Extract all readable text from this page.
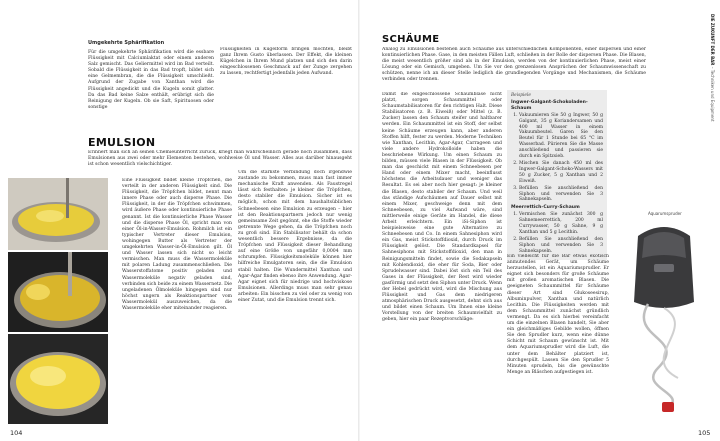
Umgekehrte Sphärifikation

Für die umgekehrte Sphärifikation wird die essbare Flüssigkeit mit Calciumlaktat oder einem anderen Salz gemischt. Das Geliermittel wird im Bad verteilt. Sobald die Flüssigkeit in das Bad tropft, bildet sich eine Gelmembran, die die Flüssigkeit umschließt. Aufgrund der Zugabe von Xanthan wird die Flüssigkeit angedickt und die Kugeln somit glatter. Da das Bad keine Salze enthält, erübrigt sich die Reinigung der Kugeln. Ob sie Saft, Spirituosen oder sonstige

Flüssigkeiten in Kugelform bringen möchten, bleibt ganz Ihrem Gusto überlassen. Der Effekt, die kleinen Kügelchen in Ihrem Mund platzen und sich den darin eingeschlossenen Geschmack auf der Zunge zergehen zu lassen, rechtfertigt jedenfalls jeden Aufwand.

EMULSION

Erinnert man sich an seinen Chemieunterricht zurück, kriegt man wahrscheinlich gerade noch zusammen, dass Emulsionen aus zwei oder mehr Elementen bestehen, wohlweise Öl und Wasser. Alles aus darüber hinausgeht ist schon wesentlich vielschichtiger.

Eine Flüssigkeit bildet kleine Tröpfchen, die verteilt in der anderen Flüssigkeit sind. Die Flüssigkeit, die Tröpfchen bildet, nennt man innere Phase oder auch disperse Phase. Die Flüssigkeit, in der die Tröpfchen schwimmen, wird äußere Phase oder kontinuierliche Phase genannt. Ist die kontinuierliche Phase Wasser und die disperse Phase Öl, spricht man von einer Öl-in-Wasser-Emulsion. Rohmilch ist ein typischer Vertreter dieser Emulsion, wohingegen Butter als Vertreter der umgekehrten Wasser-in-Öl-Emulsion gilt. Öl und Wasser lassen sich nicht so leicht vermischen. Man muss die Wassermoleküle mit polaren Ladung zusammenschließen. Die Wasserstoffatome positiv geladen und Wassermoleküle negativ geladen sind, verbinden sich beide zu einem Wassernetz. Die ungeladenen Ölmoleküle hingegen sind nur höchst ungern als Reaktionspartner vom Wassermolekül auszuweichen, da die Wassermoleküle eher miteinander reagieren.

Um die stärkste Verbindung doch irgendwie zustande zu bekommen, muss man fast immer mechanische Kraft anwenden. Als Faustregel lässt sich festhalten: je kleiner die Tröpfchen, desto stabiler die Emulsion. Sicher ist es möglich, schon mit dem haushaltsüblichen Schneebesen eine Emulsion zu erzeugen – hier ist den Reaktionspartnern jedoch nur wenig gemeinsame Zeit gegönnt, ehe die Stoffe wieder getrennte Wege gehen, da die Tröpfchen noch zu groß sind. Ein Stabilisator behält da schon wesentlich bessere Ergebnisse, da die Tröpfchen und Flüssigkeit dieser Behandlung auf eine Größe von ungefähr 0,0004 mm schrumpfen. Flüssigkeitsmoleküle können hier hilfreiche Emulgatoren sein, die die Emulsion stabil halten. Die Wundermittel Xanthan und Agar-Agar finden ebenso ihre Anwendung. Agar-Agar eignet sich für niedrige und hochviskose Emulsionen. Allerdings muss man sehr genau arbeiten: Ein bisschen zu viel oder zu wenig von einer Zutat, und die Emulsion trennt sich.

104
SCHÄUME

Analog zu Emulsionen bestehen auch Schäume aus unterschiedlichen Komponenten, einer dispersen und einer kontinuierlichen Phase. Gase, in den meisten Fällen Luft, schließen in der Rolle der dispersen Phase. Die Blasen, die meist wesentlich größer sind als in der Emulsion, werden von der kontinuierlichen Phase, meist einer Lösung oder ein Gemisch, umgeben. Um Sie vor den grenzenlosen Ansprüchen der Schaumwissenschaft zu schützen, nenne ich an dieser Stelle lediglich die grundlegenden Vorgänge und Mechanismen, die Schäume verbinden oder trennen.

Damit die eingeschlossene Schaumblase nicht platzt, sorgen Schaummittel oder Schaumstabilisatoren für den richtigen Halt. Diese Stabilisatoren (z. B. Eiweiß) oder Mittel (z. B. Zucker) lassen den Schaum steifer und haltbarer werden. Ein Schaummittel ist ein Stoff, der selbst keine Schäume erzeugen kann, aber anderen Stoffen hilft, fester zu werden. Moderne Techniken wie Xanthan, Lecithin, Agar-Agar, Carrageen und viele andere Hydrokolloide haben die beschriebene Wirkung. Um einen Schaum zu bilden, müssen viele Blasen in der Flüssigkeit. Ob man das geschickt mit einem Schneebesen per Hand oder einem Mixer macht, beeinflusst höchstens die Arbeitsdauer und weniger das Resultat. Es sei aber noch hier gesagt: je kleiner die Blasen, desto stabiler der Schaum. Und weil das ständige Aufschäumen auf Dauer selbst mit einem Mixer, geschweige denn mit dem Schneebesen, zu viel Aufwand wäre, sind mittlerweile einige Geräte im Handel, die diese Arbeit erleichtern. Ein iSi-Siphon ist beispielsweise eine gute Alternative zu Schneebesen und Co. In einem Sahnesiphon wird ein Gas, meist Stickstoffdioxid, durch Druck im Flüssigkeit gelöst. Die Standardkapsel für Sahnesiphons mit Stickstoffdioxid, den man in Reinigungsmitteln findet, sowie die Sodakapseln mit Kohlendioxid, die eher für Soda, Bier oder Sprudelwasser sind. Dabei löst sich ein Teil des Gases in der Flüssigkeit, der Rest wird wieder gasförmig und setzt den Siphon unter Druck. Wenn der Hebel gedrückt wird, wird die Mischung aus Flüssigkeit und Gas dem niedrigeren atmosphärischen Druck ausgesetzt, dehnt sich aus und bildet einen Schaum. Um Ihnen eine kleine Vorstellung von der breiten Schaumvielfalt zu geben, hier ein paar Rezeptvorschläge:

105
Beispiele
Ingwer-Galgant-Schokoladen-Schaum
1. Vakuumieren Sie 50 g Ingwer, 50 g Galgant, 35 g Koriandersamen und 400 ml Wasser in einem Vakuumbeutel. Garen Sie den Beutel für 1 Stunde bei 65 °C im Wasserbad. Pürieren Sie die Masse anschließend und passieren sie durch ein Spitzsieb.
2. Mischen Sie danach 450 ml des Ingwer-Galgant-Schoko-Wassers mit 50 g Zucker, 5 g Xanthan und 2 Eiweiß.
3. Befüllen Sie anschließend den Siphon und verwenden Sie 3 Sahnekapseln.
Meerrettich-Curry-Schaum
1. Vermischen Sie zunächst 300 g Sahnemeerrettich, 200 ml Currywasser, 50 g Sahne, 9 g Xanthan und 5 g Lecithin.
2. Befüllen Sie anschließend den Siphon und verwenden Sie 3 Sahnekapseln.

Ein vielleicht für die Bar etwas exotisch anmutendes Gerät, um Schäume herzustellen, ist ein Aquariumsprudler. Er eignet sich besonders für große Schäume mit großen aromatischen Blasen. Die geeigneten Schaummittel für Schäume dieser Art sind Glukoseesirup, Albuminpulver, Xanthan und natürlich Lecithin. Die Flüssigkeiten werden mit dem Schaummittel zunächst gründlich vermengt. Da es sich hierbei vereinfacht um die einzelnen Blasen handelt, Sie aber ein gleichmäßiges Gebilde wollen, öffnen Sie den Sprudler kurz, wenn eine dünne Schicht mit Schaum gewünscht ist. Mit dem Aquariumsprudler wird die Luft, die unter dem Behälter platziert ist, durchgespült. Lassen Sie den Sprudler 5 Minuten sprudeln, bis die gewünschte Menge an Bläschen aufgestiegen ist.

Aquarumspruder
DIE ZUKUNFT DER BAR – Techniken und Equipment
